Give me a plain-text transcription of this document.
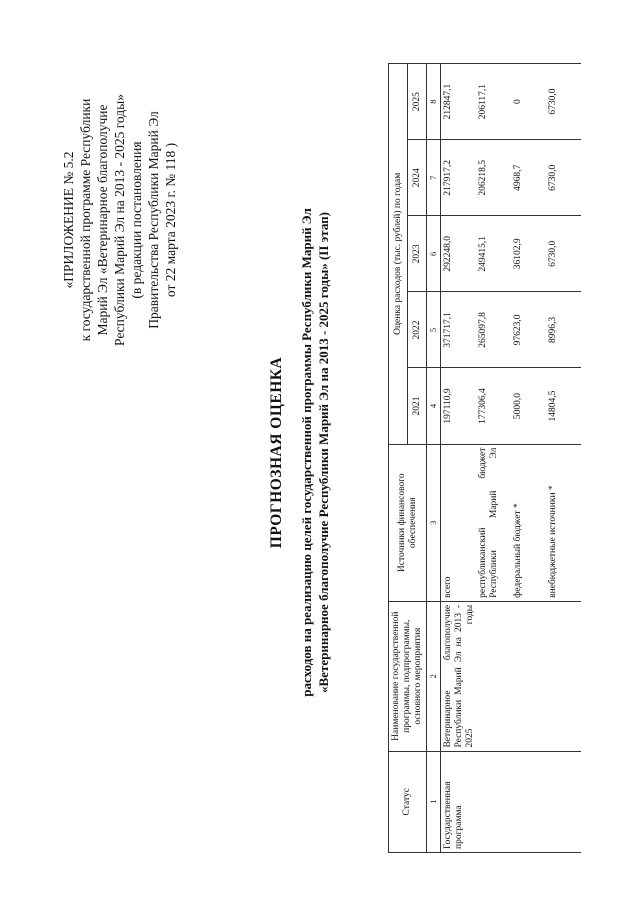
«ПРИЛОЖЕНИЕ № 5.2 к государственной программе Республики Марий Эл «Ветеринарное благополучие Республики Марий Эл на 2013 - 2025 годы» (в редакции постановления Правительства Республики Марий Эл от 22 марта 2023 г. № 118 )
ПРОГНОЗНАЯ ОЦЕНКА расходов на реализацию целей государственной программы Республики Марий Эл «Ветеринарное благополучие Республики Марий Эл на 2013 - 2025 годы» (II этап)
Статус	Наименование государственной программы, подпрограммы, основного мероприятия	Источники финансового обеспечения	Оценка расходов (тыс. рублей) по годам				
			2021	2022	2023	2024	2025
1	2	3	4	5	6	7	8
Государственная программа	Ветеринарное благополучие Республики Марий Эл на 2013 - 2025 годы	всего	197110,9	371717,1	292248,0	217917,2	212847,1
		республиканский бюджет Республики Марий Эл	177306,4	265097,8	249415,1	206218,5	206117,1
		федеральный бюджет *	5000,0	97623,0	36102,9	4968,7	0
		внебюджетные источники *	14804,5	8996,3	6730,0	6730,0	6730,0
